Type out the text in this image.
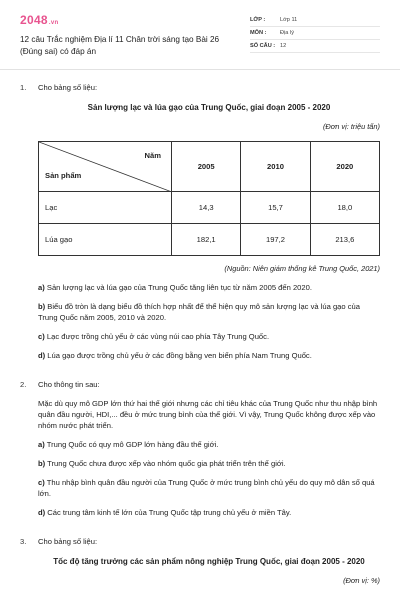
2048.vn
12 câu Trắc nghiệm Địa lí 11 Chân trời sáng tạo Bài 26 (Đúng sai) có đáp án
LỚP :	Lớp 11
MÔN :	Địa lý
SỐ CÂU : 12
1.	Cho bảng số liệu:
Sản lượng lạc và lúa gạo của Trung Quốc, giai đoạn 2005 - 2020
(Đơn vị: triệu tấn)
Năm
Sản phẩm	2005	2010	2020
Lạc	14,3	15,7	18,0
Lúa gạo	182,1	197,2	213,6
(Nguồn: Niên giám thống kê Trung Quốc, 2021)
a) Sản lượng lạc và lúa gạo của Trung Quốc tăng liên tục từ năm 2005 đến 2020.
b) Biểu đồ tròn là dạng biểu đồ thích hợp nhất để thể hiện quy mô sản lượng lạc và lúa gạo của Trung Quốc năm 2005, 2010 và 2020.
c) Lạc được trồng chủ yếu ở các vùng núi cao phía Tây Trung Quốc.
d) Lúa gạo được trồng chủ yếu ở các đồng bằng ven biển phía Nam Trung Quốc.
2.	Cho thông tin sau:
Mặc dù quy mô GDP lớn thứ hai thế giới nhưng các chỉ tiêu khác của Trung Quốc như thu nhập bình quân đầu người, HDI,... đều ở mức trung bình của thế giới. Vì vậy, Trung Quốc không được xếp vào nhóm nước phát triển.
a) Trung Quốc có quy mô GDP lớn hàng đầu thế giới.
b) Trung Quốc chưa được xếp vào nhóm quốc gia phát triển trên thế giới.
c) Thu nhập bình quân đầu người của Trung Quốc ở mức trung bình chủ yếu do quy mô dân số quá lớn.
d) Các trung tâm kinh tế lớn của Trung Quốc tập trung chủ yếu ở miền Tây.
3.	Cho bảng số liệu:
Tốc độ tăng trưởng các sản phẩm nông nghiệp Trung Quốc, giai đoạn 2005 - 2020
(Đơn vị: %)
